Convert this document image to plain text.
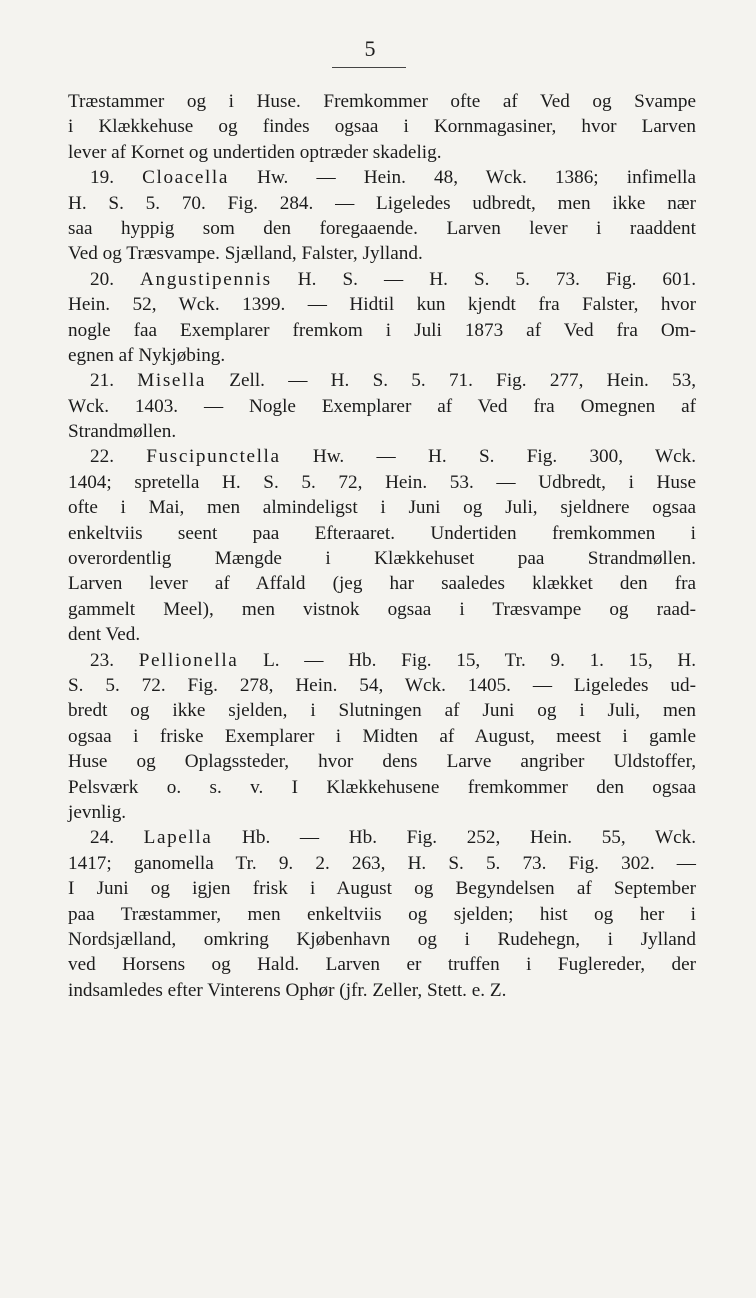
5
Træstammer og i Huse. Fremkommer ofte af Ved og Svampe
i Klækkehuse og findes ogsaa i Kornmagasiner, hvor Larven
lever af Kornet og undertiden optræder skadelig.
19. Cloacella Hw. — Hein. 48, Wck. 1386; infimella
H. S. 5. 70. Fig. 284. — Ligeledes udbredt, men ikke nær
saa hyppig som den foregaaende. Larven lever i raaddent
Ved og Træsvampe. Sjælland, Falster, Jylland.
20. Angustipennis H. S. — H. S. 5. 73. Fig. 601.
Hein. 52, Wck. 1399. — Hidtil kun kjendt fra Falster, hvor
nogle faa Exemplarer fremkom i Juli 1873 af Ved fra Om-
egnen af Nykjøbing.
21. Misella Zell. — H. S. 5. 71. Fig. 277, Hein. 53,
Wck. 1403. — Nogle Exemplarer af Ved fra Omegnen af
Strandmøllen.
22. Fuscipunctella Hw. — H. S. Fig. 300, Wck.
1404; spretella H. S. 5. 72, Hein. 53. — Udbredt, i Huse
ofte i Mai, men almindeligst i Juni og Juli, sjeldnere ogsaa
enkeltviis seent paa Efteraaret. Undertiden fremkommen i
overordentlig Mængde i Klækkehuset paa Strandmøllen.
Larven lever af Affald (jeg har saaledes klækket den fra
gammelt Meel), men vistnok ogsaa i Træsvampe og raad-
dent Ved.
23. Pellionella L. — Hb. Fig. 15, Tr. 9. 1. 15, H.
S. 5. 72. Fig. 278, Hein. 54, Wck. 1405. — Ligeledes ud-
bredt og ikke sjelden, i Slutningen af Juni og i Juli, men
ogsaa i friske Exemplarer i Midten af August, meest i gamle
Huse og Oplagssteder, hvor dens Larve angriber Uldstoffer,
Pelsværk o. s. v. I Klækkehusene fremkommer den ogsaa
jevnlig.
24. Lapella Hb. — Hb. Fig. 252, Hein. 55, Wck.
1417; ganomella Tr. 9. 2. 263, H. S. 5. 73. Fig. 302. —
I Juni og igjen frisk i August og Begyndelsen af September
paa Træstammer, men enkeltviis og sjelden; hist og her i
Nordsjælland, omkring Kjøbenhavn og i Rudehegn, i Jylland
ved Horsens og Hald. Larven er truffen i Fuglereder, der
indsamledes efter Vinterens Ophør (jfr. Zeller, Stett. e. Z.
